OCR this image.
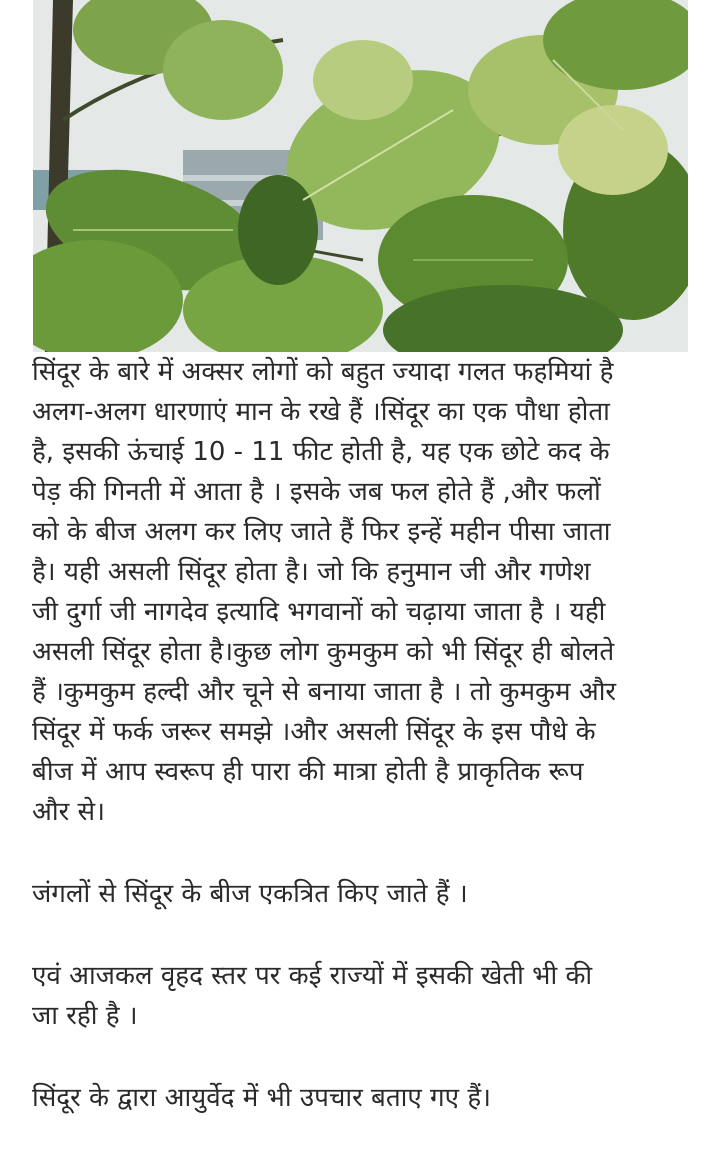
सिंदूर के बारे में अक्सर लोगों को बहुत ज्यादा गलत फहमियां है
अलग-अलग धारणाएं मान के रखे हैं ।सिंदूर का एक पौधा होता
है, इसकी ऊंचाई 10 - 11 फीट होती है, यह एक छोटे कद के
पेड़ की गिनती में आता है । इसके जब फल होते हैं ,और फलों
को के बीज अलग कर लिए जाते हैं फिर इन्हें महीन पीसा जाता
है। यही असली सिंदूर होता है। जो कि हनुमान जी और गणेश
जी दुर्गा जी नागदेव इत्यादि भगवानों को चढ़ाया जाता है । यही
असली सिंदूर होता है।कुछ लोग कुमकुम को भी सिंदूर ही बोलते
हैं ।कुमकुम हल्दी और चूने से बनाया जाता है । तो कुमकुम और
सिंदूर में फर्क जरूर समझे ।और असली सिंदूर के इस पौधे के
बीज में आप स्वरूप ही पारा की मात्रा होती है प्राकृतिक रूप
और से।

जंगलों से सिंदूर के बीज एकत्रित किए जाते हैं ।

एवं आजकल वृहद स्तर पर कई राज्यों में इसकी खेती भी की
जा रही है ।

सिंदूर के द्वारा आयुर्वेद में भी उपचार बताए गए हैं।
